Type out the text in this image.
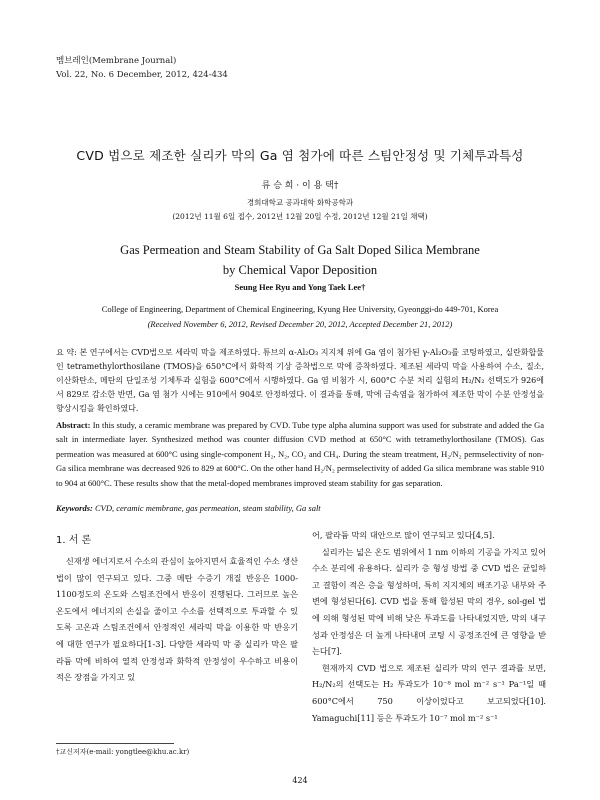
멤브레인(Membrane Journal)
Vol. 22, No. 6 December, 2012, 424-434
CVD 법으로 제조한 실리카 막의 Ga 염 첨가에 따른 스팀안정성 및 기체투과특성
류 승 희 · 이 용 택†
경희대학교 공과대학 화학공학과
(2012년 11월 6일 접수, 2012년 12월 20일 수정, 2012년 12월 21일 채택)
Gas Permeation and Steam Stability of Ga Salt Doped Silica Membrane
by Chemical Vapor Deposition
Seung Hee Ryu and Yong Taek Lee†
College of Engineering, Department of Chemical Engineering, Kyung Hee University, Gyeonggi-do 449-701, Korea
(Received November 6, 2012, Revised December 20, 2012, Accepted December 21, 2012)
요 약: 본 연구에서는 CVD법으로 세라믹 막을 제조하였다. 튜브의 α-Al₂O₃ 지지체 위에 Ga 염이 첨가된 γ-Al₂O₃를 코팅하였고, 실란화합물인 tetramethylorthosilane (TMOS)을 650°C에서 화학적 기상 증착법으로 막에 증착하였다. 제조된 세라믹 막을 사용하여 수소, 질소, 이산화탄소, 메탄의 단일조성 기체투과 실험을 600°C에서 시행하였다. Ga 염 비첨가 시, 600°C 수분 처리 실험의 H₂/N₂ 선택도가 926에서 829로 감소한 반면, Ga 염 첨가 시에는 910에서 904로 안정하였다. 이 결과를 통해, 막에 금속염을 첨가하여 제조한 막이 수분 안정성을 향상시킴을 확인하였다.
Abstract: In this study, a ceramic membrane was prepared by CVD. Tube type alpha alumina support was used for substrate and added the Ga salt in intermediate layer. Synthesized method was counter diffusion CVD method at 650°C with tetramethylorthosilane (TMOS). Gas permeation was measured at 600°C using single-component H₂, N₂, CO₂ and CH₄. During the steam treatment, H₂/N₂ permselectivity of non-Ga silica membrane was decreased 926 to 829 at 600°C. On the other hand H₂/N₂ permselectivity of added Ga silica membrane was stable 910 to 904 at 600°C. These results show that the metal-doped membranes improved steam stability for gas separation.
Keywords: CVD, ceramic membrane, gas permeation, steam stability, Ga salt
1. 서 론

신재생 에너지로서 수소의 관심이 높아지면서 효율적인 수소 생산법이 많이 연구되고 있다. 그중 메탄 수증기 개질 반응은 1000-1100정도의 온도와 스팀조건에서 반응이 진행된다. 그러므로 높은 온도에서 에너지의 손실을 줄이고 수소를 선택적으로 투과할 수 있도록 고온과 스팀조건에서 안정적인 세라믹 막을 이용한 막 반응기에 대한 연구가 필요하다[1-3]. 다양한 세라믹 막 중 실리카 막은 팔라듐 막에 비하여 열적 안정성과 화학적 안정성이 우수하고 비용이 적은 장점을 가지고 있

어, 팔라듐 막의 대안으로 많이 연구되고 있다[4,5].

실리카는 넓은 온도 범위에서 1 nm 이하의 기공을 가지고 있어 수소 분리에 유용하다. 실리카 층 형성 방법 중 CVD 법은 균일하고 결함이 적은 층을 형성하며, 특히 지지체의 배조기공 내부와 주변에 형성된다[6]. CVD 법을 통해 합성된 막의 경우, sol-gel 법에 의해 형성된 막에 비해 낮은 투과도를 나타내었지만, 막의 내구성과 안정성은 더 높게 나타내며 코팅 시 공정조건에 큰 영향을 받는다[7].

현재까지 CVD 법으로 제조된 실리카 막의 연구 결과를 보면, H₂/N₂의 선택도는 H₂ 투과도가 10⁻⁸ mol m⁻² s⁻¹ Pa⁻¹일 때 600°C에서 750 이상이었다고 보고되었다[10]. Yamaguchi[11] 등은 투과도가 10⁻⁷ mol m⁻² s⁻¹

†교신저자(e-mail: yongtlee@khu.ac.kr)
424
